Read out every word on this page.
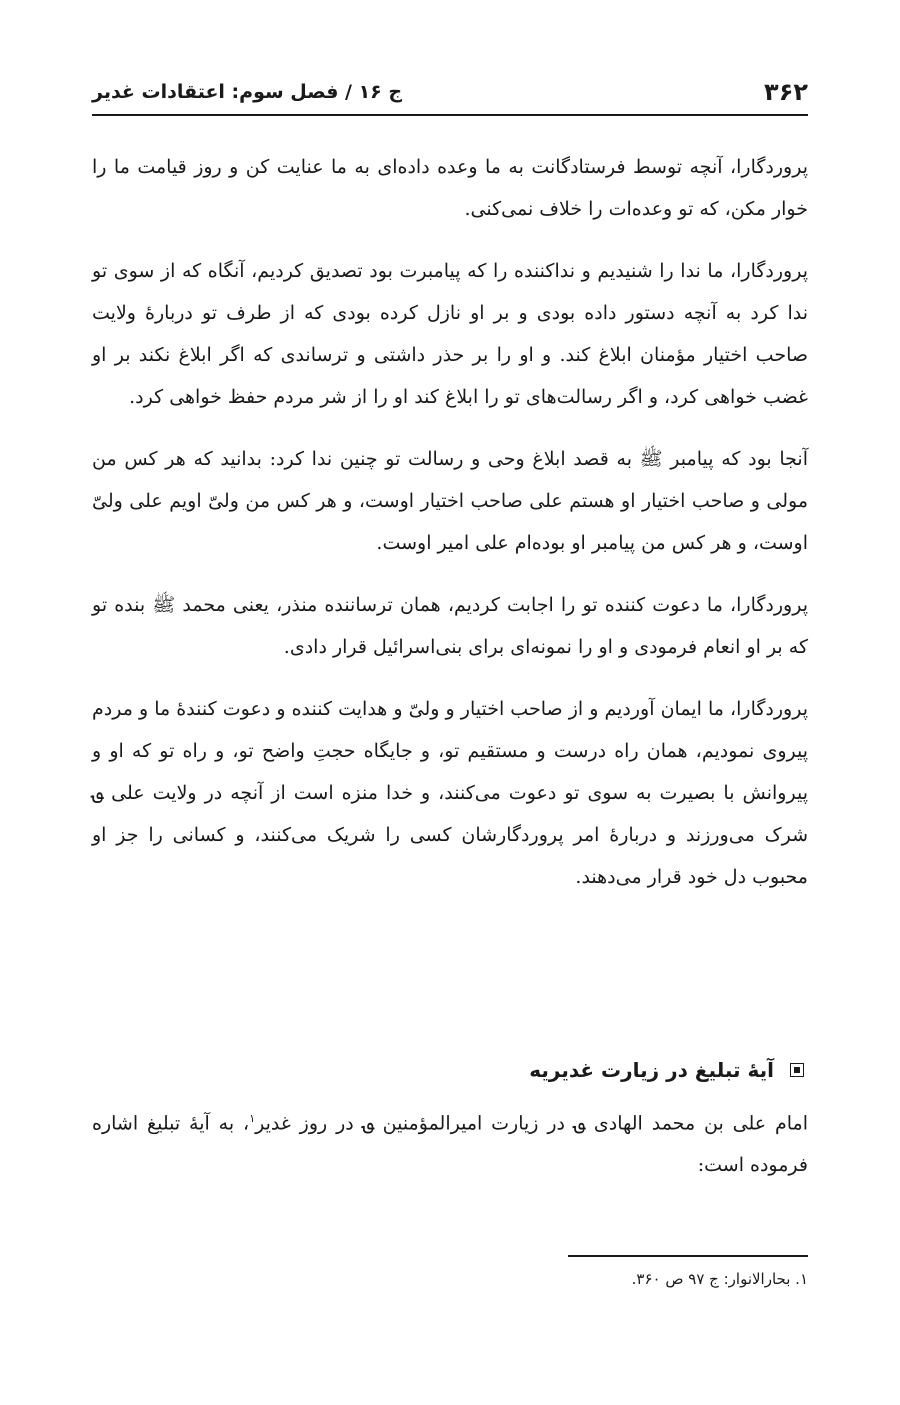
۳۶۲
ج ۱۶ / فصل سوم: اعتقادات غدیر

پروردگارا، آنچه توسط فرستادگانت به ما وعده داده‌ای به ما عنایت کن و روز قیامت ما را خوار مکن، که تو وعده‌ات را خلاف نمی‌کنی.

پروردگارا، ما ندا را شنیدیم و نداکننده را که پیامبرت بود تصدیق کردیم، آنگاه که از سوی تو ندا کرد به آنچه دستور داده بودی و بر او نازل کرده بودی که از طرف تو دربارهٔ ولایت صاحب اختیار مؤمنان ابلاغ کند. و او را بر حذر داشتی و ترساندی که اگر ابلاغ نکند بر او غضب خواهی کرد، و اگر رسالت‌های تو را ابلاغ کند او را از شر مردم حفظ خواهی کرد.

آنجا بود که پیامبر ﷺ به قصد ابلاغ وحی و رسالت تو چنین ندا کرد: بدانید که هر کس من مولی و صاحب اختیار او هستم علی صاحب اختیار اوست، و هر کس من ولیّ اویم علی ولیّ اوست، و هر کس من پیامبر او بوده‌ام علی امیر اوست.

پروردگارا، ما دعوت کننده تو را اجابت کردیم، همان ترساننده منذر، یعنی محمد ﷺ بنده تو که بر او انعام فرمودی و او را نمونه‌ای برای بنی‌اسرائیل قرار دادی.

پروردگارا، ما ایمان آوردیم و از صاحب اختیار و ولیّ و هدایت کننده و دعوت کنندهٔ ما و مردم پیروی نمودیم، همان راه درست و مستقیم تو، و جایگاه حجتِ واضح تو، و راه تو که او و پیروانش با بصیرت به سوی تو دعوت می‌کنند، و خدا منزه است از آنچه در ولایت علی ؈ شرک می‌ورزند و دربارهٔ امر پروردگارشان کسی را شریک می‌کنند، و کسانی را جز او محبوب دل خود قرار می‌دهند.

آیهٔ تبلیغ در زیارت غدیریه

امام علی بن محمد الهادی ؈ در زیارت امیرالمؤمنین ؈ در روز غدیر$^۱$، به آیهٔ تبلیغ اشاره فرموده است:

۱. بحارالانوار: ج ۹۷ ص ۳۶۰.
